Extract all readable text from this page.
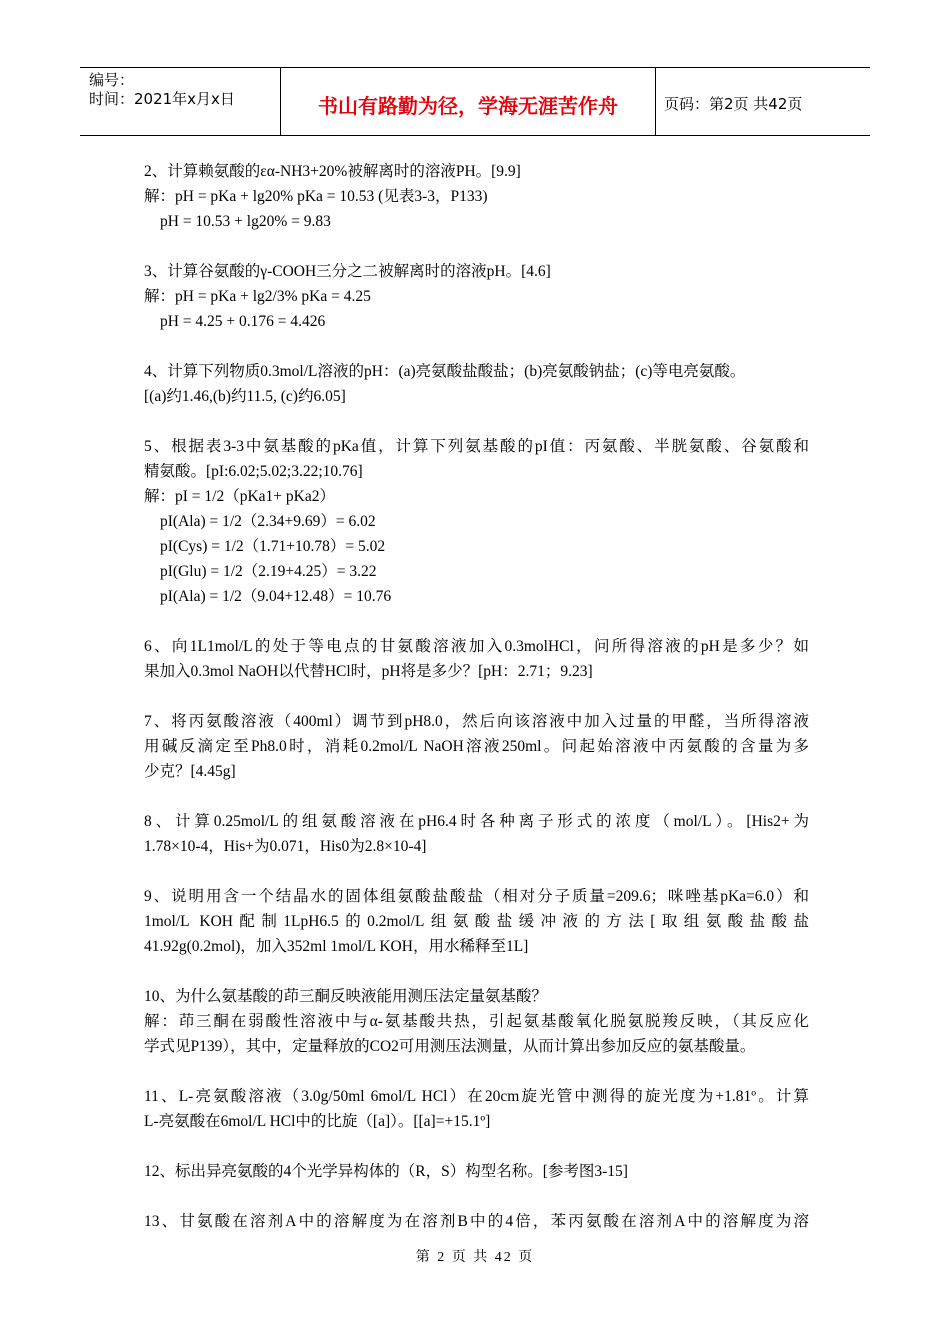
编号：
时间：2021年x月x日	书山有路勤为径，学海无涯苦作舟	页码：第2页 共42页
2、计算赖氨酸的εα-NH3+20%被解离时的溶液PH。[9.9]
解：pH = pKa + lg20% pKa = 10.53 (见表3-3，P133)
pH = 10.53 + lg20% = 9.83
3、计算谷氨酸的γ-COOH三分之二被解离时的溶液pH。[4.6]
解：pH = pKa + lg2/3% pKa = 4.25
pH = 4.25 + 0.176 = 4.426
4、计算下列物质0.3mol/L溶液的pH：(a)亮氨酸盐酸盐；(b)亮氨酸钠盐；(c)等电亮氨酸。
[(a)约1.46,(b)约11.5, (c)约6.05]
5、根据表3-3中氨基酸的pKa值，计算下列氨基酸的pI值：丙氨酸、半胱氨酸、谷氨酸和
精氨酸。[pI:6.02;5.02;3.22;10.76]
解：pI = 1/2（pKa1+ pKa2）
pI(Ala) = 1/2（2.34+9.69）= 6.02
pI(Cys) = 1/2（1.71+10.78）= 5.02
pI(Glu) = 1/2（2.19+4.25）= 3.22
pI(Ala) = 1/2（9.04+12.48）= 10.76
6、向1L1mol/L的处于等电点的甘氨酸溶液加入0.3molHCl，问所得溶液的pH是多少？如
果加入0.3mol NaOH以代替HCl时，pH将是多少？[pH：2.71；9.23]
7、将丙氨酸溶液（400ml）调节到pH8.0，然后向该溶液中加入过量的甲醛，当所得溶液
用碱反滴定至Ph8.0时，消耗0.2mol/L NaOH溶液250ml。问起始溶液中丙氨酸的含量为多
少克？[4.45g]
8、计算0.25mol/L的组氨酸溶液在pH6.4时各种离子形式的浓度（mol/L）。[His2+为
1.78×10-4，His+为0.071，His0为2.8×10-4]
9、说明用含一个结晶水的固体组氨酸盐酸盐（相对分子质量=209.6；咪唑基pKa=6.0）和
1mol/L KOH配制1LpH6.5的0.2mol/L组氨酸盐缓冲液的方法[取组氨酸盐酸盐
41.92g(0.2mol)，加入352ml 1mol/L KOH，用水稀释至1L]
10、为什么氨基酸的茚三酮反映液能用测压法定量氨基酸？
解：茚三酮在弱酸性溶液中与α-氨基酸共热，引起氨基酸氧化脱氨脱羧反映，（其反应化
学式见P139），其中，定量释放的CO2可用测压法测量，从而计算出参加反应的氨基酸量。
11、L-亮氨酸溶液（3.0g/50ml 6mol/L HCl）在20cm旋光管中测得的旋光度为+1.81º。计算
L-亮氨酸在6mol/L HCl中的比旋（[a]）。[[a]=+15.1º]
12、标出异亮氨酸的4个光学异构体的（R，S）构型名称。[参考图3-15]
13、甘氨酸在溶剂A中的溶解度为在溶剂B中的4倍，苯丙氨酸在溶剂A中的溶解度为溶
第 2 页 共 42 页
